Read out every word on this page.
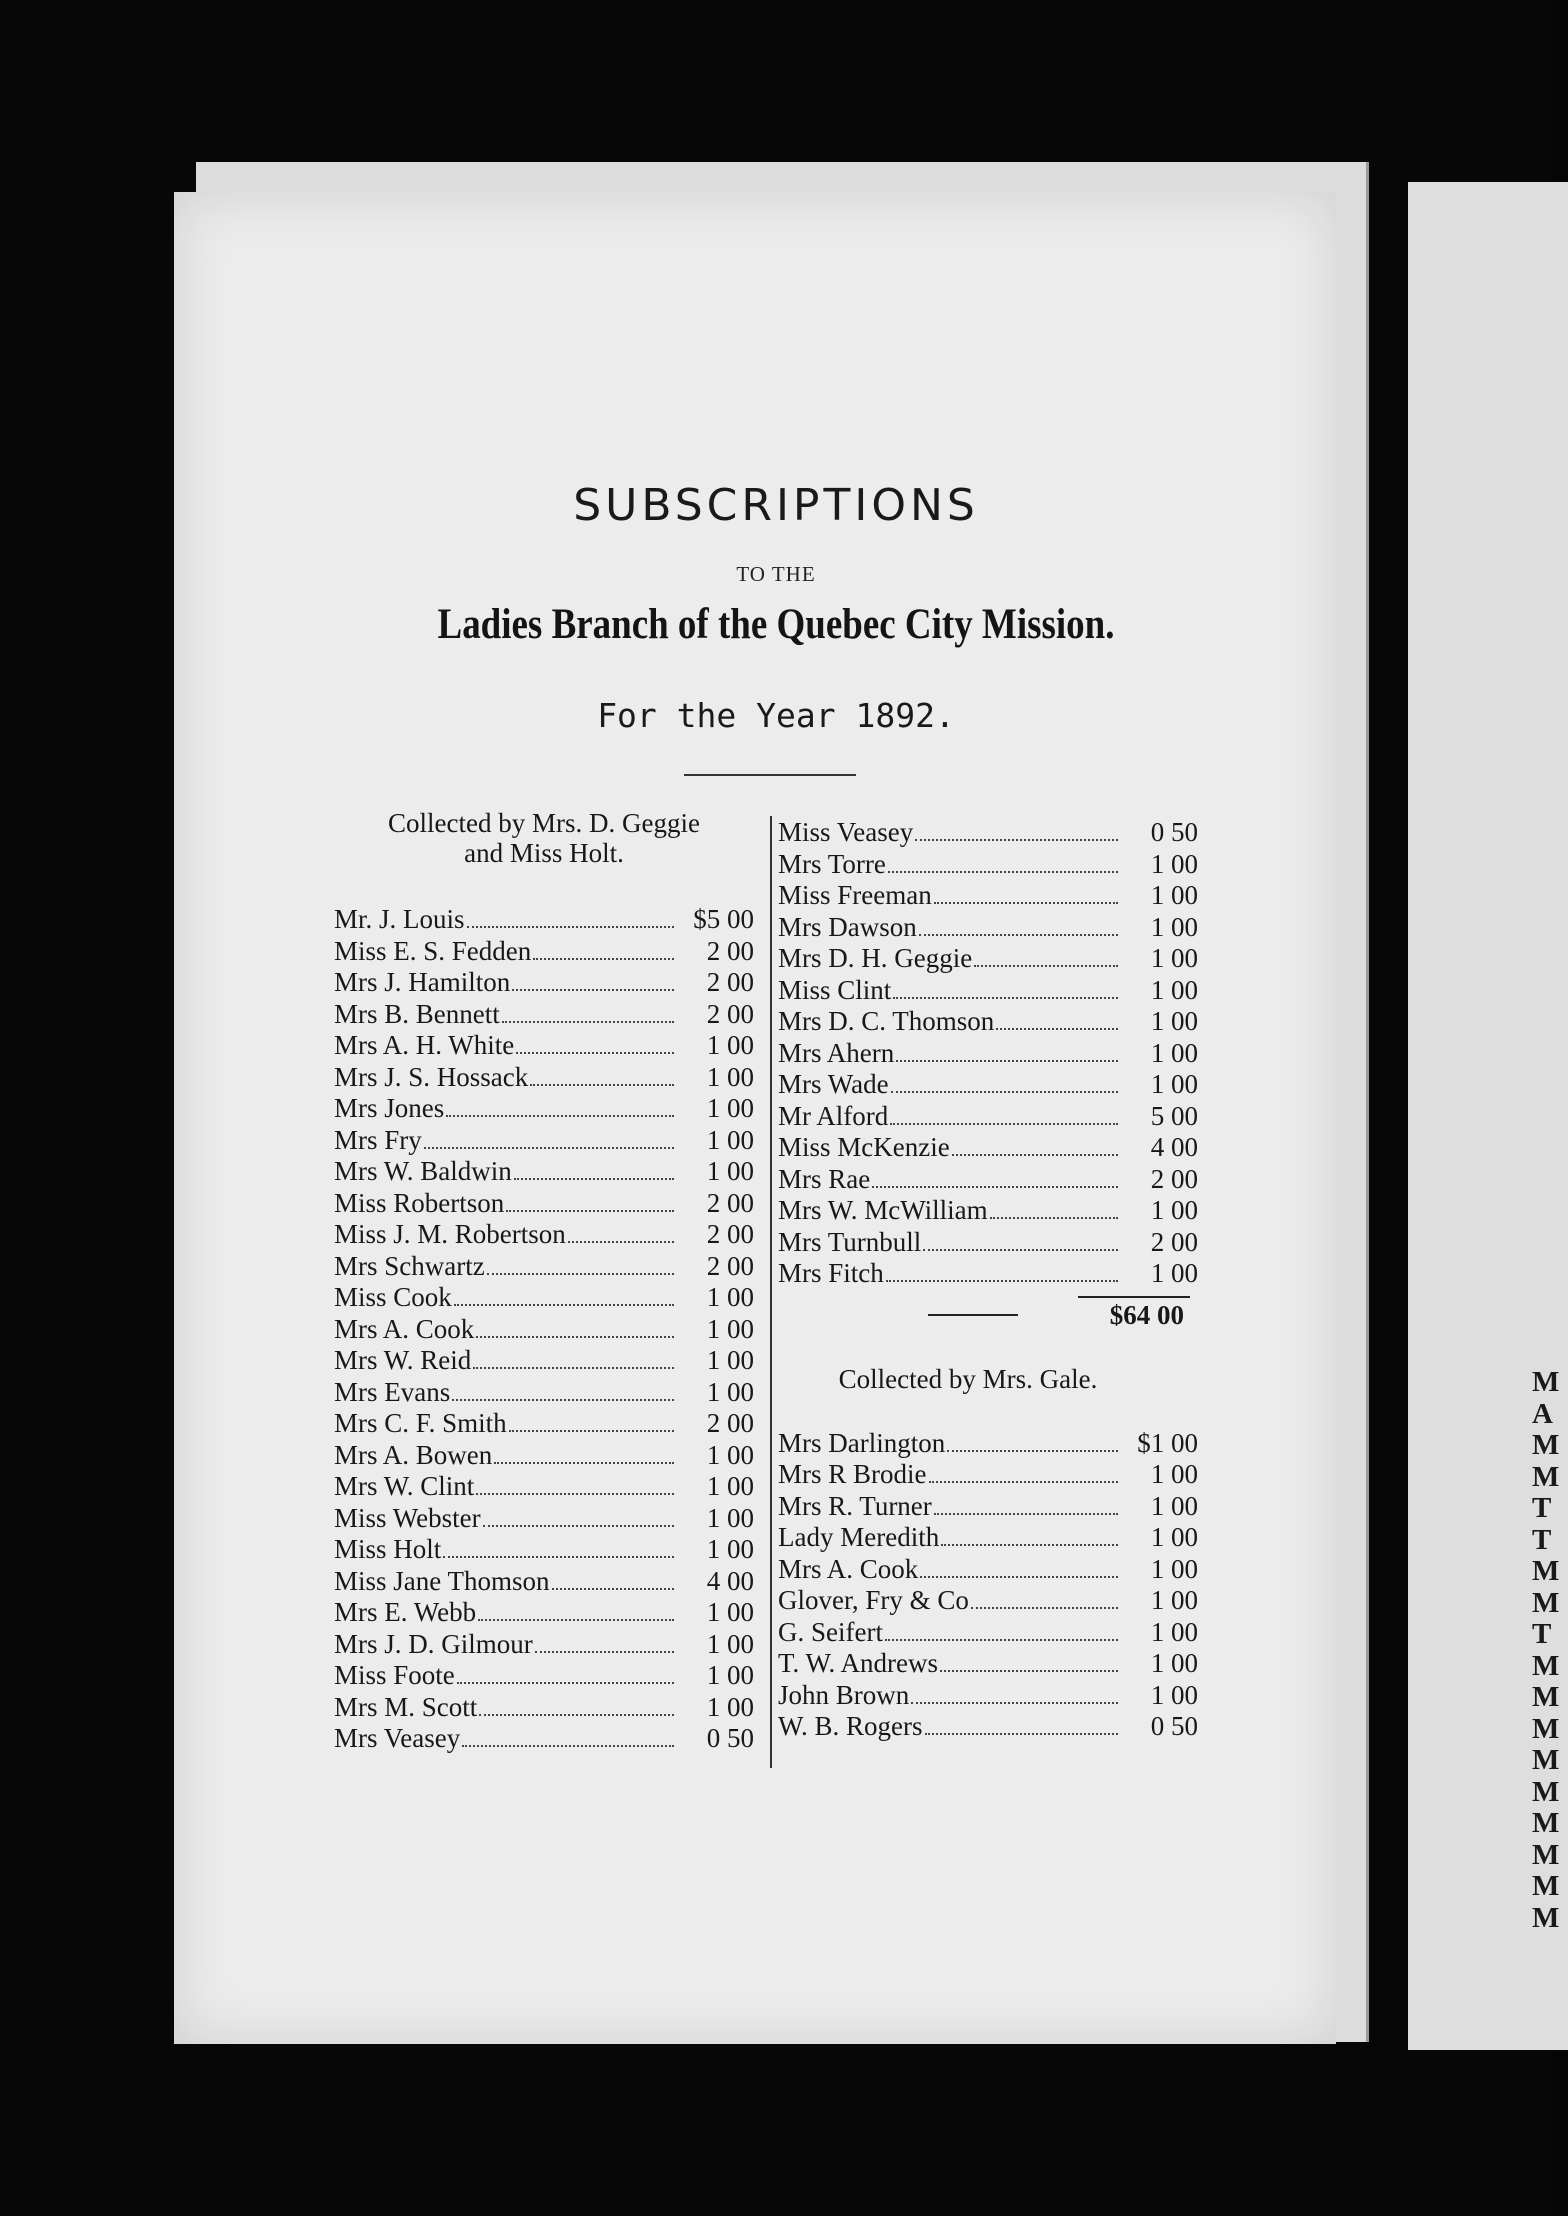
M
A
M
M
T
T
M
M
T
M
M
M
M
M
M
M
M
M
SUBSCRIPTIONS
TO THE
Ladies Branch of the Quebec City Mission.
For the Year 1892.
Collected by Mrs. D. Geggie
and Miss Holt.
Mr. J. Louis	$5 00
Miss E. S. Fedden	2 00
Mrs J. Hamilton	2 00
Mrs B. Bennett	2 00
Mrs A. H. White	1 00
Mrs J. S. Hossack	1 00
Mrs Jones	1 00
Mrs Fry	1 00
Mrs W. Baldwin	1 00
Miss Robertson	2 00
Miss J. M. Robertson	2 00
Mrs Schwartz	2 00
Miss Cook	1 00
Mrs A. Cook	1 00
Mrs W. Reid	1 00
Mrs Evans	1 00
Mrs C. F. Smith	2 00
Mrs A. Bowen	1 00
Mrs W. Clint	1 00
Miss Webster	1 00
Miss Holt	1 00
Miss Jane Thomson	4 00
Mrs E. Webb	1 00
Mrs J. D. Gilmour	1 00
Miss Foote	1 00
Mrs M. Scott	1 00
Mrs Veasey	0 50
Miss Veasey	0 50
Mrs Torre	1 00
Miss Freeman	1 00
Mrs Dawson	1 00
Mrs D. H. Geggie	1 00
Miss Clint	1 00
Mrs D. C. Thomson	1 00
Mrs Ahern	1 00
Mrs Wade	1 00
Mr Alford	5 00
Miss McKenzie	4 00
Mrs Rae	2 00
Mrs W. McWilliam	1 00
Mrs Turnbull	2 00
Mrs Fitch	1 00
$64 00
Collected by Mrs. Gale.
Mrs Darlington	$1 00
Mrs R Brodie	1 00
Mrs R. Turner	1 00
Lady Meredith	1 00
Mrs A. Cook	1 00
Glover, Fry & Co	1 00
G. Seifert	1 00
T. W. Andrews	1 00
John Brown	1 00
W. B. Rogers	0 50
